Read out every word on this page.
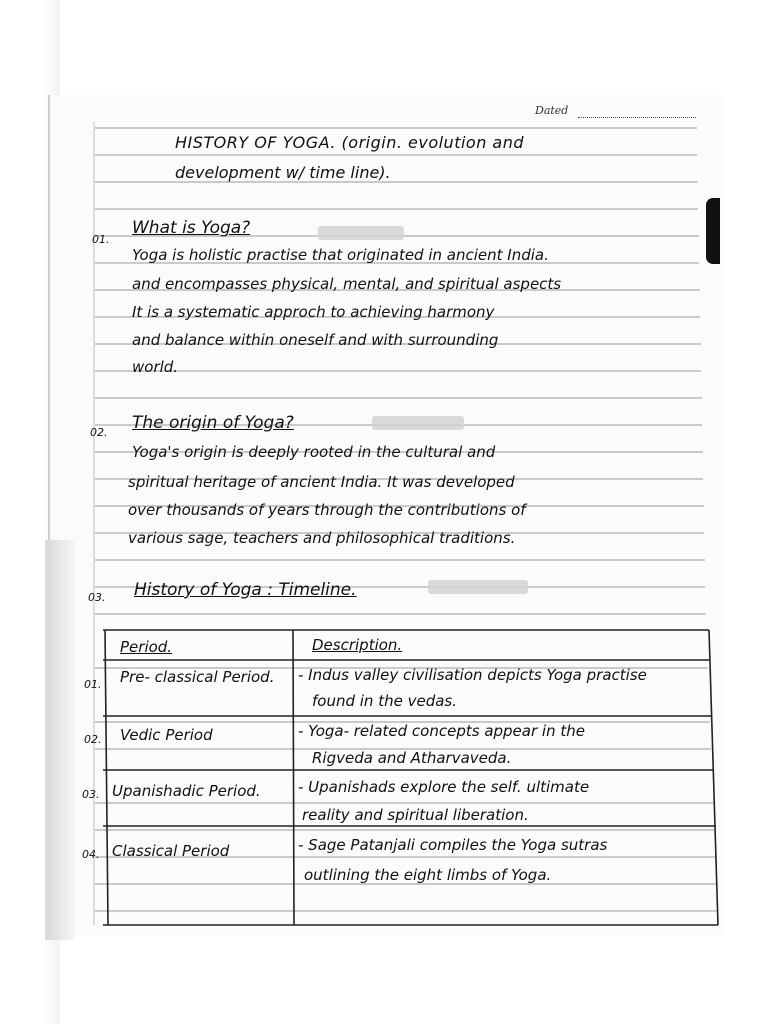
Dated
HISTORY OF YOGA. (origin. evolution and
development w/ time line).
01.
What is Yoga?
Yoga is holistic practise that originated in ancient India.
and encompasses physical, mental, and spiritual aspects
It is a systematic approch to achieving harmony
and balance within oneself and with surrounding
world.
02. The origin of Yoga?
Yoga's origin is deeply rooted in the cultural and
spiritual heritage of ancient India. It was developed
over thousands of years through the contributions of
various sage, teachers and philosophical traditions.
03. History of Yoga : Timeline.
Period.	Description.
01. Pre- classical Period. - Indus valley civilisation depicts Yoga practise
found in the vedas.
02. Vedic Period	- Yoga- related concepts appear in the
Rigveda and Atharvaveda.
03. Upanishadic Period. - Upanishads explore the self. ultimate
reality and spiritual liberation.
04. Classical Period	- Sage Patanjali compiles the Yoga sutras
outlining the eight limbs of Yoga.
